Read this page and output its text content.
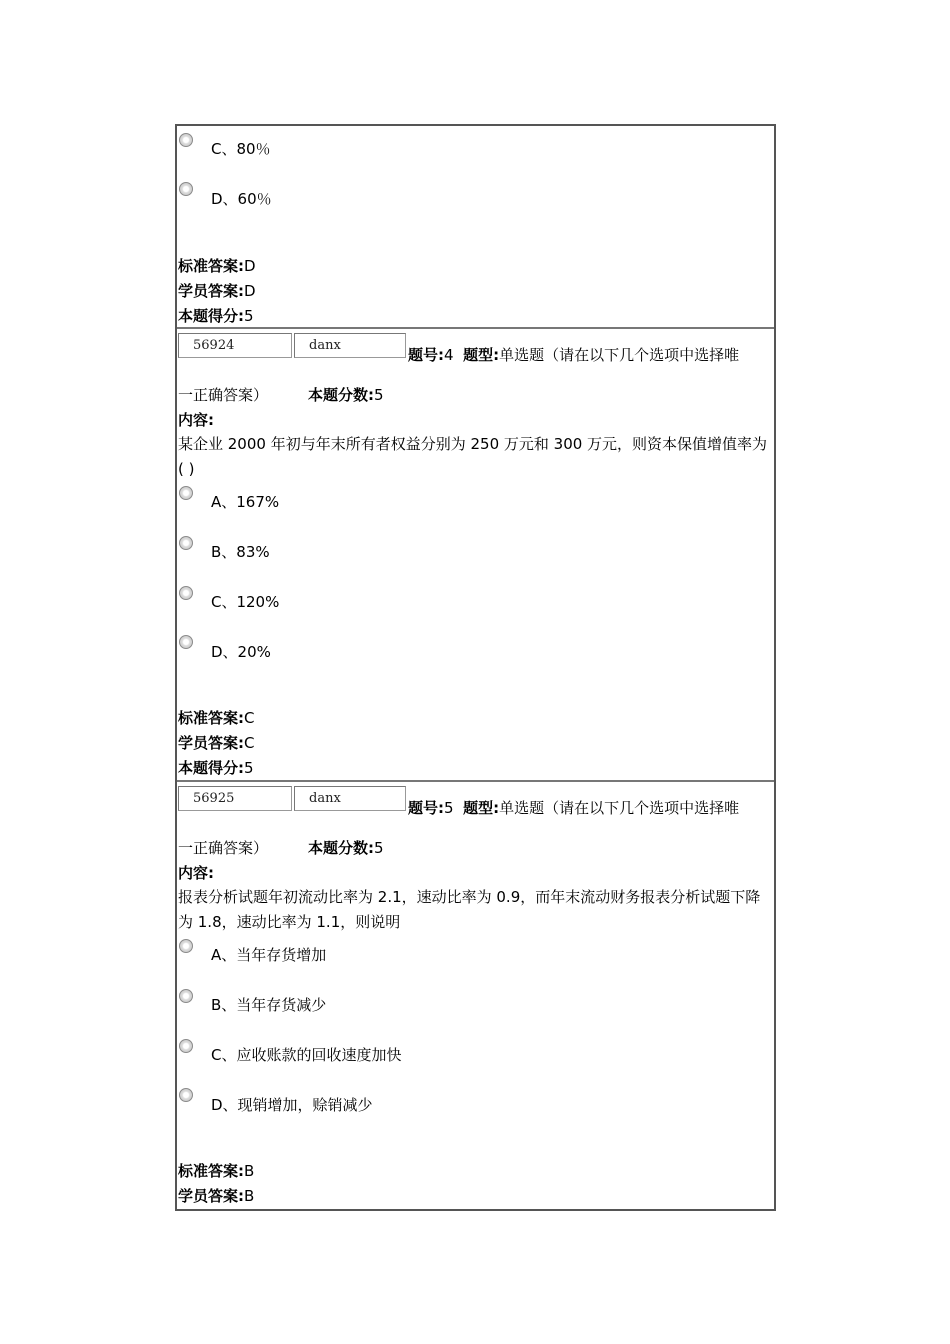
C、80％
D、60％
标准答案:D
学员答案:D
本题得分:5
56924	danx
题号:4 题型:单选题（请在以下几个选项中选择唯
一正确答案）	本题分数:5
内容:
某企业 2000 年初与年末所有者权益分别为 250 万元和 300 万元，则资本保值增值率为( )
A、167%
B、83%
C、120%
D、20%
标准答案:C
学员答案:C
本题得分:5
56925	danx
题号:5 题型:单选题（请在以下几个选项中选择唯
一正确答案）	本题分数:5
内容:
报表分析试题年初流动比率为 2.1，速动比率为 0.9，而年末流动财务报表分析试题下降为 1.8，速动比率为 1.1，则说明
A、当年存货增加
B、当年存货减少
C、应收账款的回收速度加快
D、现销增加，赊销减少
标准答案:B
学员答案:B
